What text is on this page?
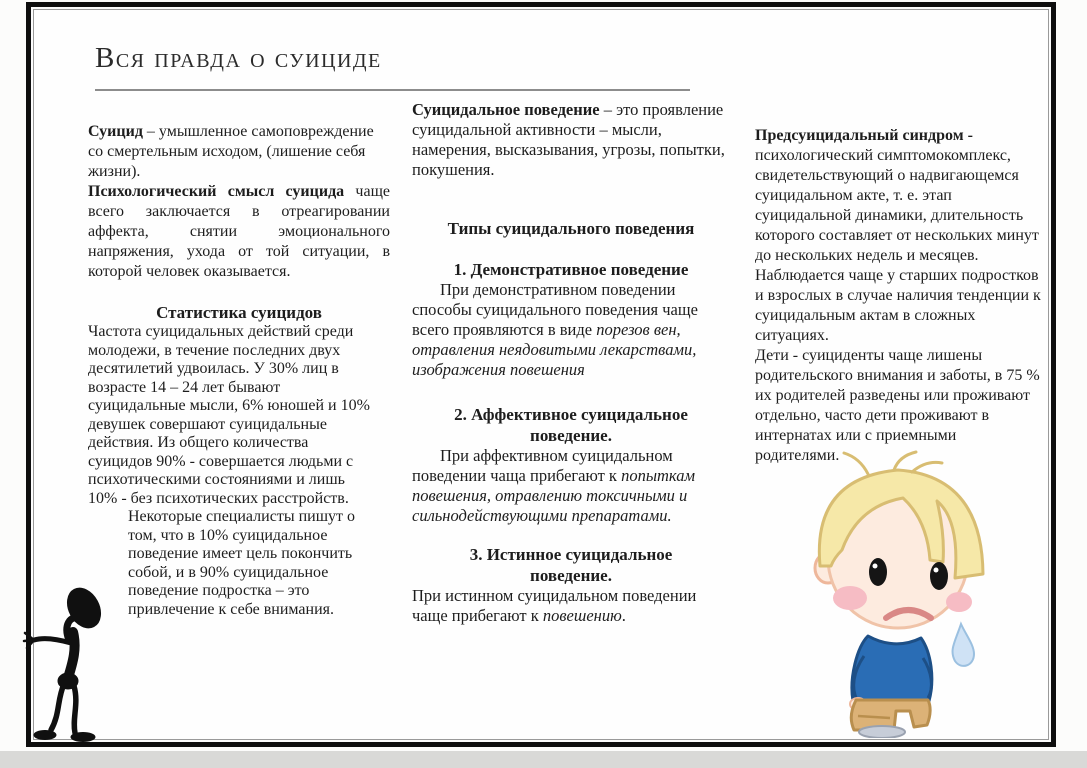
Вся правда о суициде

Суицид – умышленное самоповреждение со смертельным исходом, (лишение себя жизни).

Психологический смысл суицида чаще всего заключается в отреагировании аффекта, снятии эмоционального напряжения, ухода от той ситуации, в которой человек оказывается.

Статистика суицидов

Частота суицидальных действий среди молодежи, в течение последних двух десятилетий удвоилась. У 30% лиц в возрасте 14 – 24 лет бывают суицидальные мысли, 6% юношей и 10% девушек совершают суицидальные действия. Из общего количества суицидов 90% - совершается людьми с психотическими состояниями и лишь 10% - без психотических расстройств. Некоторые специалисты пишут о том, что в 10% суицидальное поведение имеет цель покончить собой, и в 90% суицидальное поведение подростка – это привлечение к себе внимания.

Суицидальное поведение – это проявление суицидальной активности – мысли, намерения, высказывания, угрозы, попытки, покушения.

Типы суицидального поведения
1. Демонстративное поведение

При демонстративном поведении способы суицидального поведения чаще всего проявляются в виде порезов вен, отравления неядовитыми лекарствами, изображения повешения

2. Аффективное суицидальное поведение.

При аффективном суицидальном поведении чаща прибегают к попыткам повешения, отравлению токсичными и сильнодействующими препаратами.

3. Истинное суицидальное поведение.

При истинном суицидальном поведении чаще прибегают к повешению.

Предсуицидальный синдром - психологический симптомокомплекс, свидетельствующий о надвигающемся суицидальном акте, т. е. этап суицидальной динамики, длительность которого составляет от нескольких минут до нескольких недель и месяцев. Наблюдается чаще у старших подростков и взрослых в случае наличия тенденции к суицидальным актам в сложных ситуациях.

Дети - суициденты чаще лишены родительского внимания и заботы, в 75 % их родителей разведены или проживают отдельно, часто дети проживают в интернатах или с приемными родителями.
